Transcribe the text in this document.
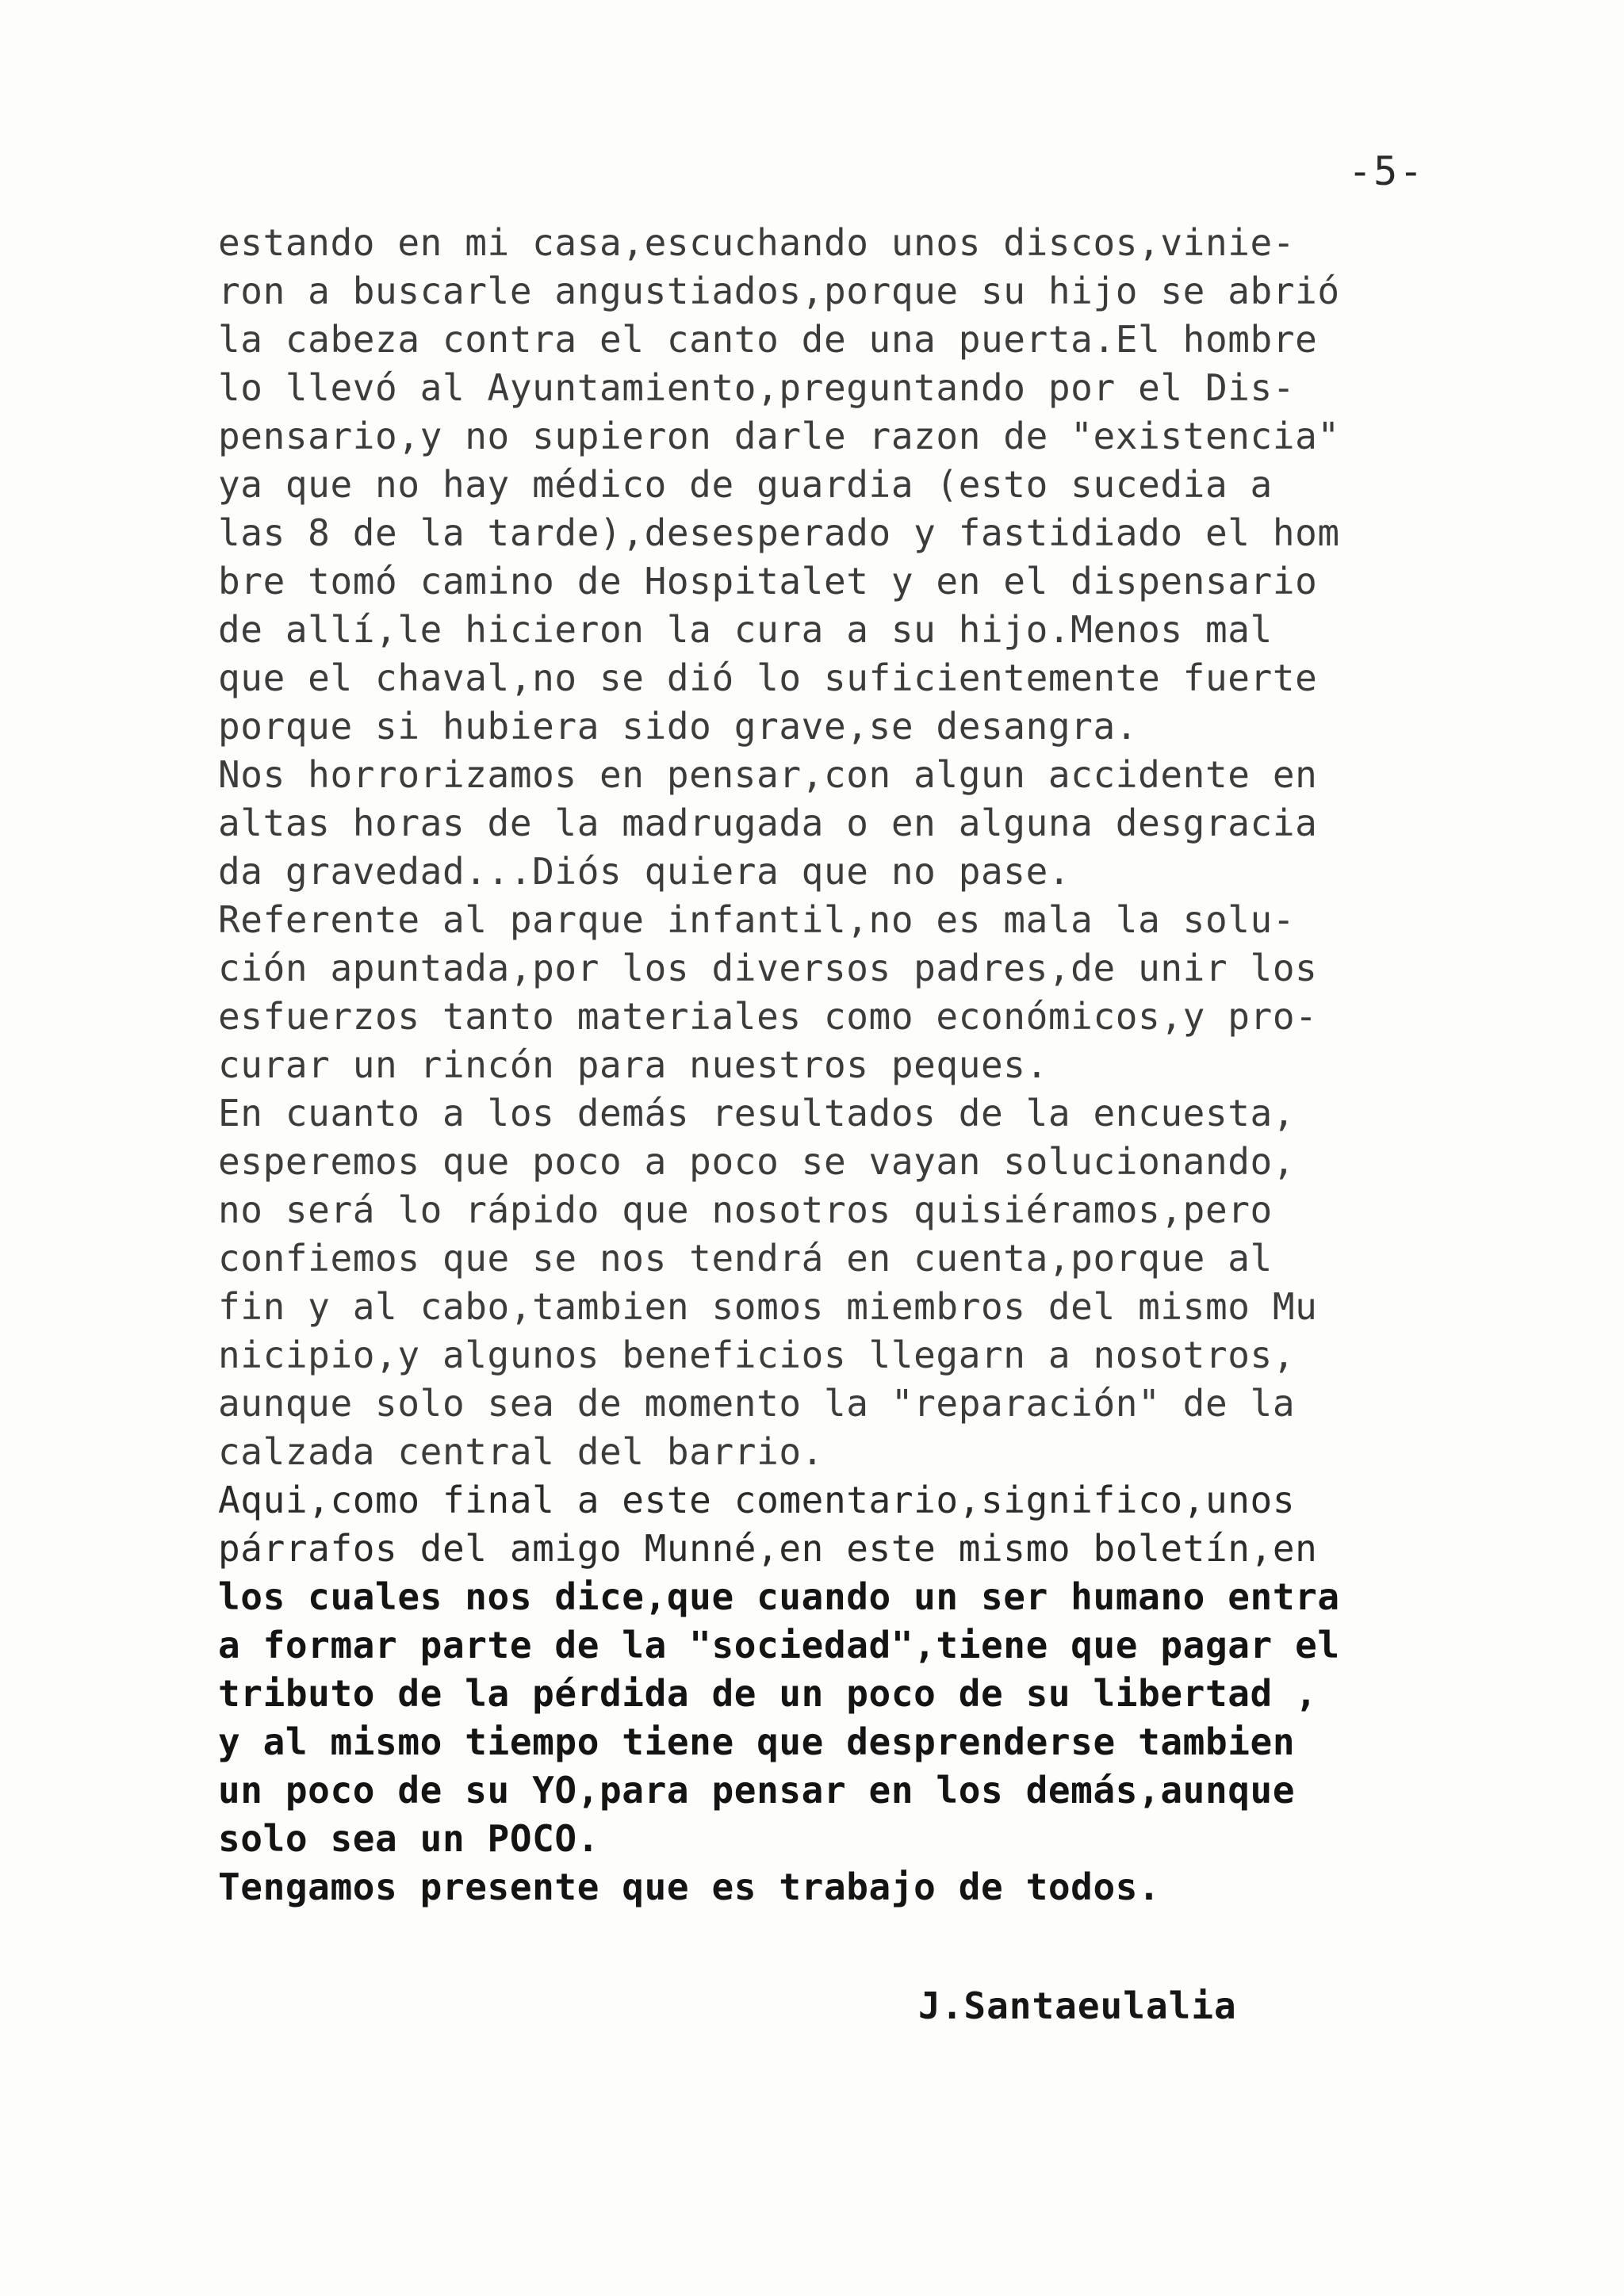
-5-
estando en mi casa,escuchando unos discos,vinie-
ron a buscarle angustiados,porque su hijo se abrió
la cabeza contra el canto de una puerta.El hombre
lo llevó al Ayuntamiento,preguntando por el Dis-
pensario,y no supieron darle razon de "existencia"
ya que no hay médico de guardia (esto sucedia a
las 8 de la tarde),desesperado y fastidiado el hom
bre tomó camino de Hospitalet y en el dispensario
de allí,le hicieron la cura a su hijo.Menos mal
que el chaval,no se dió lo suficientemente fuerte
porque si hubiera sido grave,se desangra.
Nos horrorizamos en pensar,con algun accidente en
altas horas de la madrugada o en alguna desgracia
da gravedad...Diós quiera que no pase.
Referente al parque infantil,no es mala la solu-
ción apuntada,por los diversos padres,de unir los
esfuerzos tanto materiales como económicos,y pro-
curar un rincón para nuestros peques.
En cuanto a los demás resultados de la encuesta,
esperemos que poco a poco se vayan solucionando,
no será lo rápido que nosotros quisiéramos,pero
confiemos que se nos tendrá en cuenta,porque al
fin y al cabo,tambien somos miembros del mismo Mu
nicipio,y algunos beneficios llegarn a nosotros,
aunque solo sea de momento la "reparación" de la
calzada central del barrio.
Aqui,como final a este comentario,significo,unos
párrafos del amigo Munné,en este mismo boletín,en
los cuales nos dice,que cuando un ser humano entra
a formar parte de la "sociedad",tiene que pagar el
tributo de la pérdida de un poco de su libertad ,
y al mismo tiempo tiene que desprenderse tambien
un poco de su YO,para pensar en los demás,aunque
solo sea un POCO.
Tengamos presente que es trabajo de todos.
J.Santaeulalia
